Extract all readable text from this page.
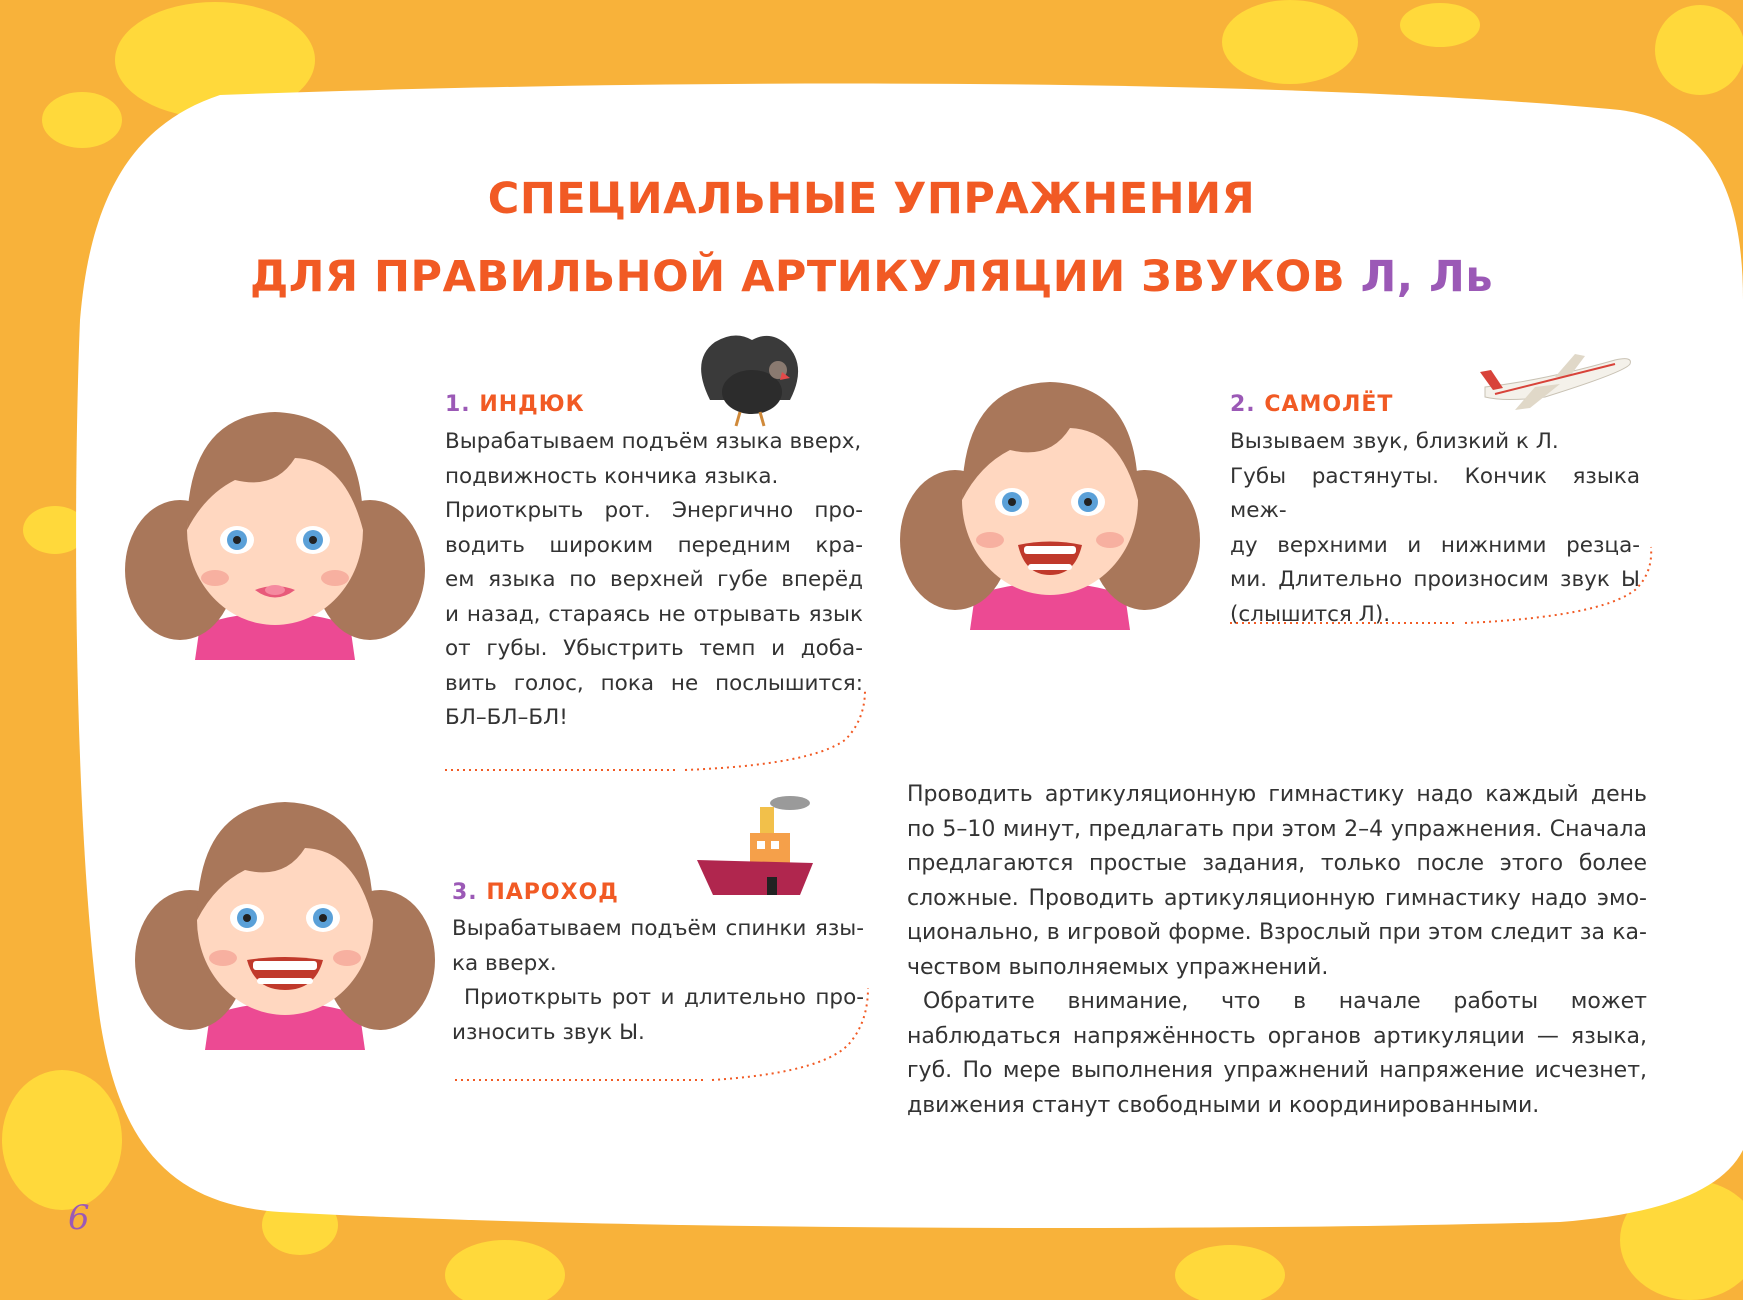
СПЕЦИАЛЬНЫЕ УПРАЖНЕНИЯ
ДЛЯ ПРАВИЛЬНОЙ АРТИКУЛЯЦИИ ЗВУКОВ Л, Ль
1. ИНДЮК

Вырабатываем подъём языка вверх,

подвижность кончика языка.

Приоткрыть рот. Энергично про-

водить широким передним кра-

ем языка по верхней губе вперёд

и назад, стараясь не отрывать язык

от губы. Убыстрить темп и доба-

вить голос, пока не послышится:

БЛ–БЛ–БЛ!

2. САМОЛЁТ

Вызываем звук, близкий к Л.

Губы растянуты. Кончик языка меж-

ду верхними и нижними резца-

ми. Длительно произносим звук Ы

(слышится Л).

3. ПАРОХОД

Вырабатываем подъём спинки язы-

ка вверх.

Приоткрыть рот и длительно про-

износить звук Ы.

Проводить артикуляционную гимнастику надо каждый день по 5–10 минут, предлагать при этом 2–4 упражнения. Сначала предлагаются простые задания, только после этого более сложные. Проводить артикуляционную гимнастику надо эмоционально, в игровой форме. Взрослый при этом следит за качеством выполняемых упражнений.

Обратите внимание, что в начале работы может наблюдаться напряжённость органов артикуляции — языка, губ. По мере выполнения упражнений напряжение исчезнет, движения станут свободными и координированными.

6
